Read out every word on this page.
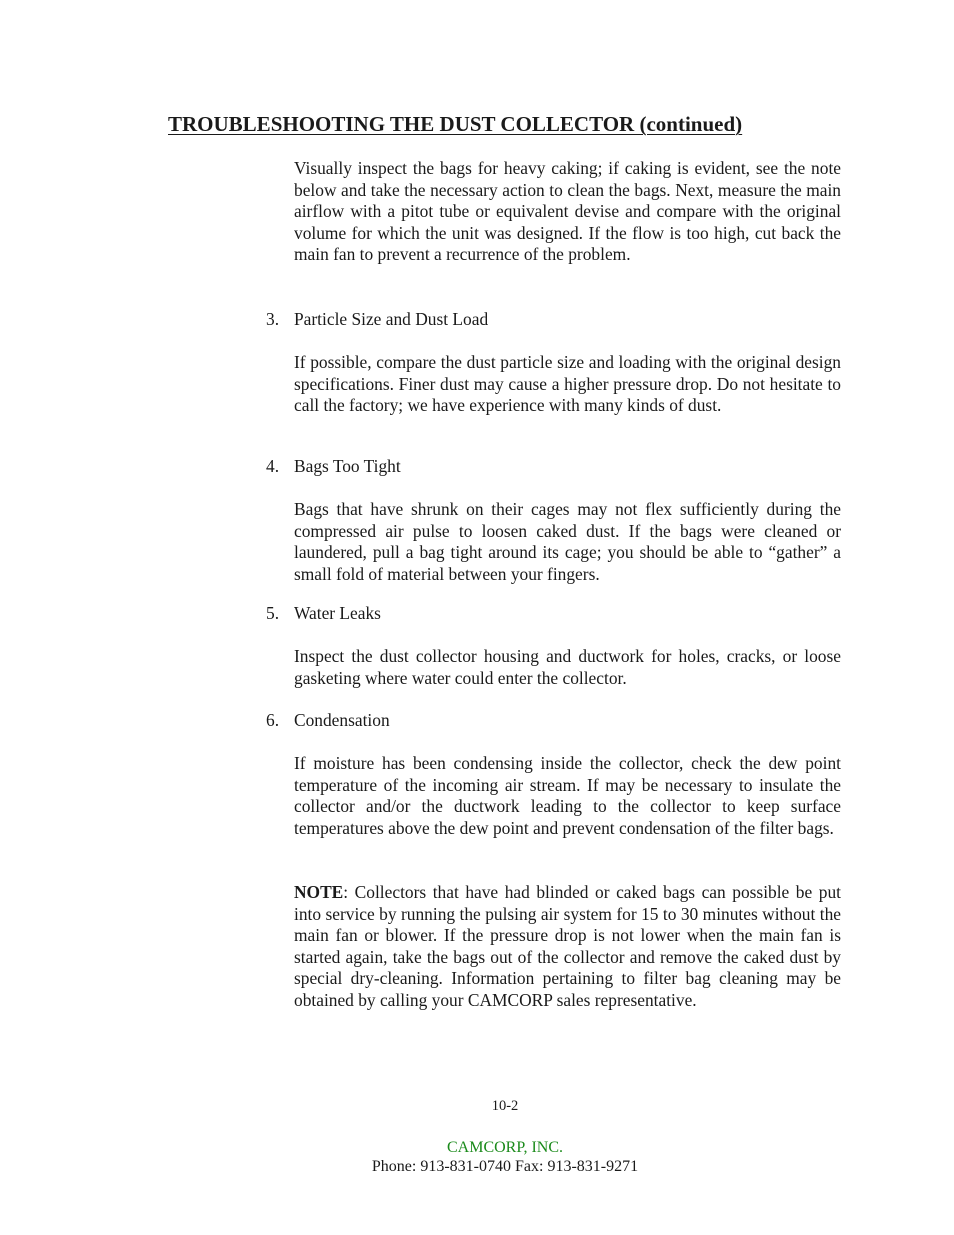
TROUBLESHOOTING THE DUST COLLECTOR (continued)

Visually inspect the bags for heavy caking; if caking is evident, see the note below and take the necessary action to clean the bags. Next, measure the main airflow with a pitot tube or equivalent devise and compare with the original volume for which the unit was designed. If the flow is too high, cut back the main fan to prevent a recurrence of the problem.

3. Particle Size and Dust Load

If possible, compare the dust particle size and loading with the original design specifications. Finer dust may cause a higher pressure drop. Do not hesitate to call the factory; we have experience with many kinds of dust.

4. Bags Too Tight

Bags that have shrunk on their cages may not flex sufficiently during the compressed air pulse to loosen caked dust. If the bags were cleaned or laundered, pull a bag tight around its cage; you should be able to “gather” a small fold of material between your fingers.

5. Water Leaks

Inspect the dust collector housing and ductwork for holes, cracks, or loose gasketing where water could enter the collector.

6. Condensation

If moisture has been condensing inside the collector, check the dew point temperature of the incoming air stream. If may be necessary to insulate the collector and/or the ductwork leading to the collector to keep surface temperatures above the dew point and prevent condensation of the filter bags.

NOTE: Collectors that have had blinded or caked bags can possible be put into service by running the pulsing air system for 15 to 30 minutes without the main fan or blower. If the pressure drop is not lower when the main fan is started again, take the bags out of the collector and remove the caked dust by special dry-cleaning. Information pertaining to filter bag cleaning may be obtained by calling your CAMCORP sales representative.

10-2
CAMCORP, INC.
Phone: 913-831-0740 Fax: 913-831-9271
